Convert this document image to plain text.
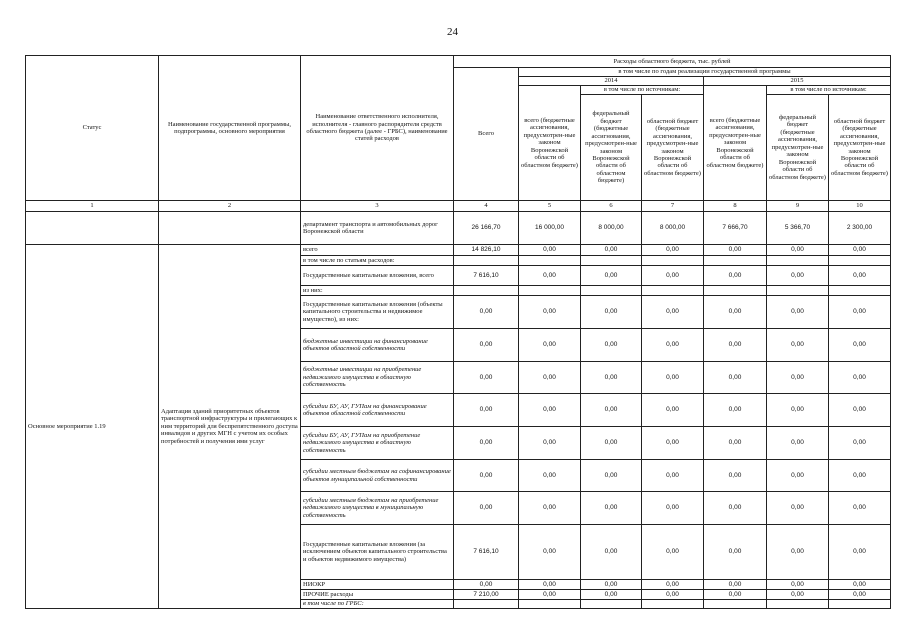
24
Статус	Наименование государственной программы, подпрограммы, основного мероприятия	Наименование ответственного исполнителя, исполнителя - главного распорядителя средств областного бюджета (далее - ГРБС), наименование статей расходов	Расходы областного бюджета, тыс. рублей						
			Всего	в том числе по годам реализации государственной программы					
				2014			2015		
				всего (бюджетные ассигнования, предусмотрен-ные законом Воронежской области об областном бюджете)	в том числе по источникам:		всего (бюджетные ассигнования, предусмотрен-ные законом Воронежской области об областном бюджете)	в том числе по источникам:	
					федеральный бюджет (бюджетные ассигнования, предусмотрен-ные законом Воронежской области об областном бюджете)	областной бюджет (бюджетные ассигнования, предусмотрен-ные законом Воронежской области об областном бюджете)		федеральный бюджет (бюджетные ассигнования, предусмотрен-ные законом Воронежской области об областном бюджете)	областной бюджет (бюджетные ассигнования, предусмотрен-ные законом Воронежской области об областном бюджете)
1	2	3	4	5	6	7	8	9	10
		департамент транспорта и автомобильных дорог Воронежской области	26 166,70	16 000,00	8 000,00	8 000,00	7 666,70	5 366,70	2 300,00
Основное мероприятие 1.19	Адаптация зданий приоритетных объектов транспортной инфраструктуры и прилегающих к ним территорий для беспрепятственного доступа инвалидов и других МГН с учетом их особых потребностей и получения ими услуг	всего	14 826,10	0,00	0,00	0,00	0,00	0,00	0,00
		в том числе по статьям расходов:							
		Государственные капитальные вложения, всего	7 616,10	0,00	0,00	0,00	0,00	0,00	0,00
		из них:							
		Государственные капитальные вложения (объекты капитального строительства и недвижимое имущество), из них:	0,00	0,00	0,00	0,00	0,00	0,00	0,00
		бюджетные инвестиции на финансирование объектов областной собственности	0,00	0,00	0,00	0,00	0,00	0,00	0,00
		бюджетные инвестиции на приобретение недвижимого имущества в областную собственность	0,00	0,00	0,00	0,00	0,00	0,00	0,00
		субсидии БУ, АУ, ГУПам на финансирование объектов областной собственности	0,00	0,00	0,00	0,00	0,00	0,00	0,00
		субсидии БУ, АУ, ГУПам на приобретение недвижимого имущества в областную собственность	0,00	0,00	0,00	0,00	0,00	0,00	0,00
		субсидии местным бюджетам на софинансирование объектов муниципальной собственности	0,00	0,00	0,00	0,00	0,00	0,00	0,00
		субсидии местным бюджетам на приобретение недвижимого имущества в муниципальную собственность	0,00	0,00	0,00	0,00	0,00	0,00	0,00
		Государственные капитальные вложения (за исключением объектов капитального строительства и объектов недвижимого имущества)	7 616,10	0,00	0,00	0,00	0,00	0,00	0,00
		НИОКР	0,00	0,00	0,00	0,00	0,00	0,00	0,00
		ПРОЧИЕ расходы	7 210,00	0,00	0,00	0,00	0,00	0,00	0,00
		в том числе по ГРБС:							
